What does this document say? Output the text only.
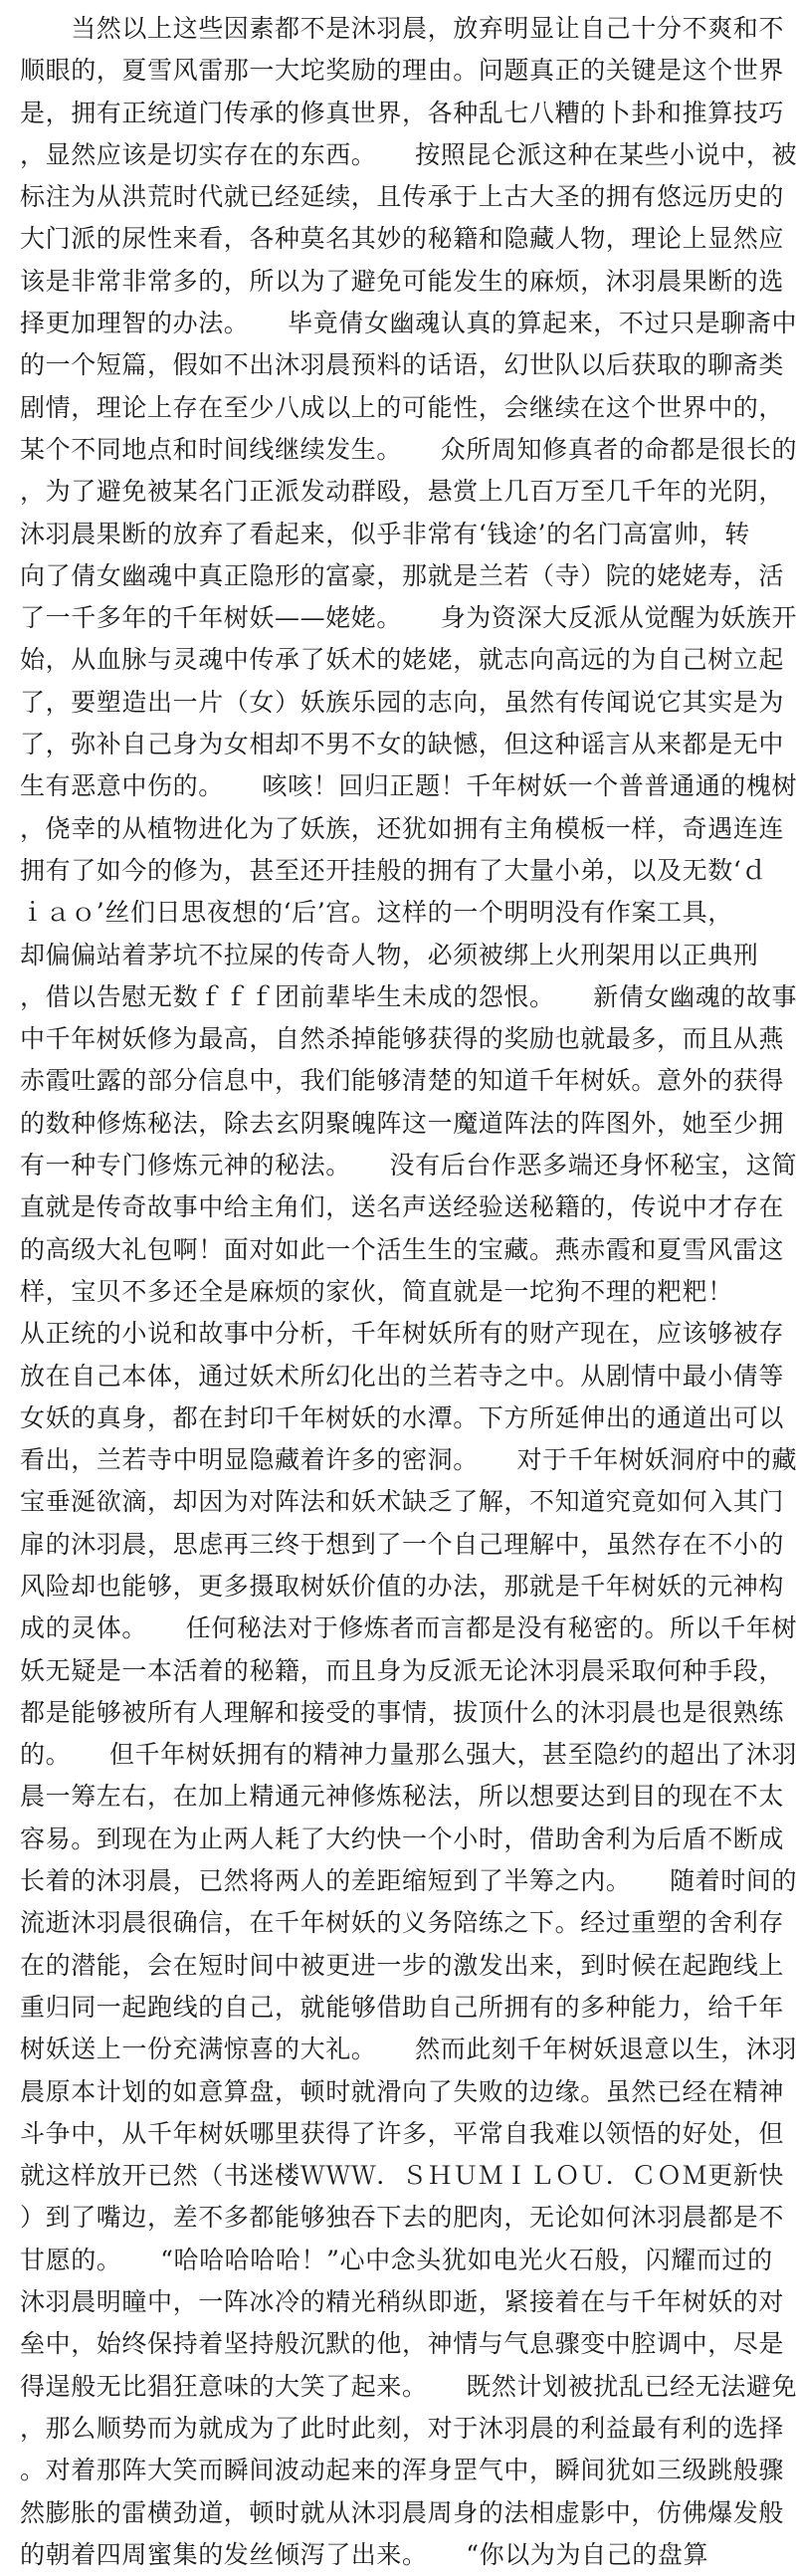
　　当然以上这些因素都不是沐羽晨，放弃明显让自己十分不爽和不
顺眼的，夏雪风雷那一大坨奖励的理由。问题真正的关键是这个世界
是，拥有正统道门传承的修真世界，各种乱七八糟的卜卦和推算技巧
，显然应该是切实存在的东西。　　按照昆仑派这种在某些小说中，被
标注为从洪荒时代就已经延续，且传承于上古大圣的拥有悠远历史的
大门派的尿性来看，各种莫名其妙的秘籍和隐藏人物，理论上显然应
该是非常非常多的，所以为了避免可能发生的麻烦，沐羽晨果断的选
择更加理智的办法。　　毕竟倩女幽魂认真的算起来，不过只是聊斋中
的一个短篇，假如不出沐羽晨预料的话语，幻世队以后获取的聊斋类
剧情，理论上存在至少八成以上的可能性，会继续在这个世界中的，
某个不同地点和时间线继续发生。　　众所周知修真者的命都是很长的
，为了避免被某名门正派发动群殴，悬赏上几百万至几千年的光阴，
沐羽晨果断的放弃了看起来，似乎非常有‘钱途’的名门高富帅，转
向了倩女幽魂中真正隐形的富豪，那就是兰若（寺）院的姥姥寿，活
了一千多年的千年树妖——姥姥。　　身为资深大反派从觉醒为妖族开
始，从血脉与灵魂中传承了妖术的姥姥，就志向高远的为自己树立起
了，要塑造出一片（女）妖族乐园的志向，虽然有传闻说它其实是为
了，弥补自己身为女相却不男不女的缺憾，但这种谣言从来都是无中
生有恶意中伤的。　　咳咳！回归正题！千年树妖一个普普通通的槐树
，侥幸的从植物进化为了妖族，还犹如拥有主角模板一样，奇遇连连
拥有了如今的修为，甚至还开挂般的拥有了大量小弟，以及无数‘ｄ
ｉａｏ’丝们日思夜想的‘后’宫。这样的一个明明没有作案工具，
却偏偏站着茅坑不拉屎的传奇人物，必须被绑上火刑架用以正典刑
，借以告慰无数ｆｆｆ团前辈毕生未成的怨恨。　　新倩女幽魂的故事
中千年树妖修为最高，自然杀掉能够获得的奖励也就最多，而且从燕
赤霞吐露的部分信息中，我们能够清楚的知道千年树妖。意外的获得
的数种修炼秘法，除去玄阴聚魄阵这一魔道阵法的阵图外，她至少拥
有一种专门修炼元神的秘法。　　没有后台作恶多端还身怀秘宝，这简
直就是传奇故事中给主角们，送名声送经验送秘籍的，传说中才存在
的高级大礼包啊！面对如此一个活生生的宝藏。燕赤霞和夏雪风雷这
样，宝贝不多还全是麻烦的家伙，简直就是一坨狗不理的粑粑！
从正统的小说和故事中分析，千年树妖所有的财产现在，应该够被存
放在自己本体，通过妖术所幻化出的兰若寺之中。从剧情中最小倩等
女妖的真身，都在封印千年树妖的水潭。下方所延伸出的通道出可以
看出，兰若寺中明显隐藏着许多的密洞。　　对于千年树妖洞府中的藏
宝垂涎欲滴，却因为对阵法和妖术缺乏了解，不知道究竟如何入其门
扉的沐羽晨，思虑再三终于想到了一个自己理解中，虽然存在不小的
风险却也能够，更多摄取树妖价值的办法，那就是千年树妖的元神构
成的灵体。　　任何秘法对于修炼者而言都是没有秘密的。所以千年树
妖无疑是一本活着的秘籍，而且身为反派无论沐羽晨采取何种手段，
都是能够被所有人理解和接受的事情，拔顶什么的沐羽晨也是很熟练
的。　　但千年树妖拥有的精神力量那么强大，甚至隐约的超出了沐羽
晨一筹左右，在加上精通元神修炼秘法，所以想要达到目的现在不太
容易。到现在为止两人耗了大约快一个小时，借助舍利为后盾不断成
长着的沐羽晨，已然将两人的差距缩短到了半筹之内。　　随着时间的
流逝沐羽晨很确信，在千年树妖的义务陪练之下。经过重塑的舍利存
在的潜能，会在短时间中被更进一步的激发出来，到时候在起跑线上
重归同一起跑线的自己，就能够借助自己所拥有的多种能力，给千年
树妖送上一份充满惊喜的大礼。　　然而此刻千年树妖退意以生，沐羽
晨原本计划的如意算盘，顿时就滑向了失败的边缘。虽然已经在精神
斗争中，从千年树妖哪里获得了许多，平常自我难以领悟的好处，但
就这样放开已然（书迷楼ＷＷＷ．ＳＨＵＭＩＬＯＵ．ＣＯＭ更新快
）到了嘴边，差不多都能够独吞下去的肥肉，无论如何沐羽晨都是不
甘愿的。　　“哈哈哈哈哈！”心中念头犹如电光火石般，闪耀而过的
沐羽晨明瞳中，一阵冰冷的精光稍纵即逝，紧接着在与千年树妖的对
垒中，始终保持着坚持般沉默的他，神情与气息骤变中腔调中，尽是
得逞般无比猖狂意味的大笑了起来。　　既然计划被扰乱已经无法避免
，那么顺势而为就成为了此时此刻，对于沐羽晨的利益最有利的选择
。对着那阵大笑而瞬间波动起来的浑身罡气中，瞬间犹如三级跳般骤
然膨胀的雷横劲道，顿时就从沐羽晨周身的法相虚影中，仿佛爆发般
的朝着四周蜜集的发丝倾泻了出来。　　“你以为为自己的盘算
